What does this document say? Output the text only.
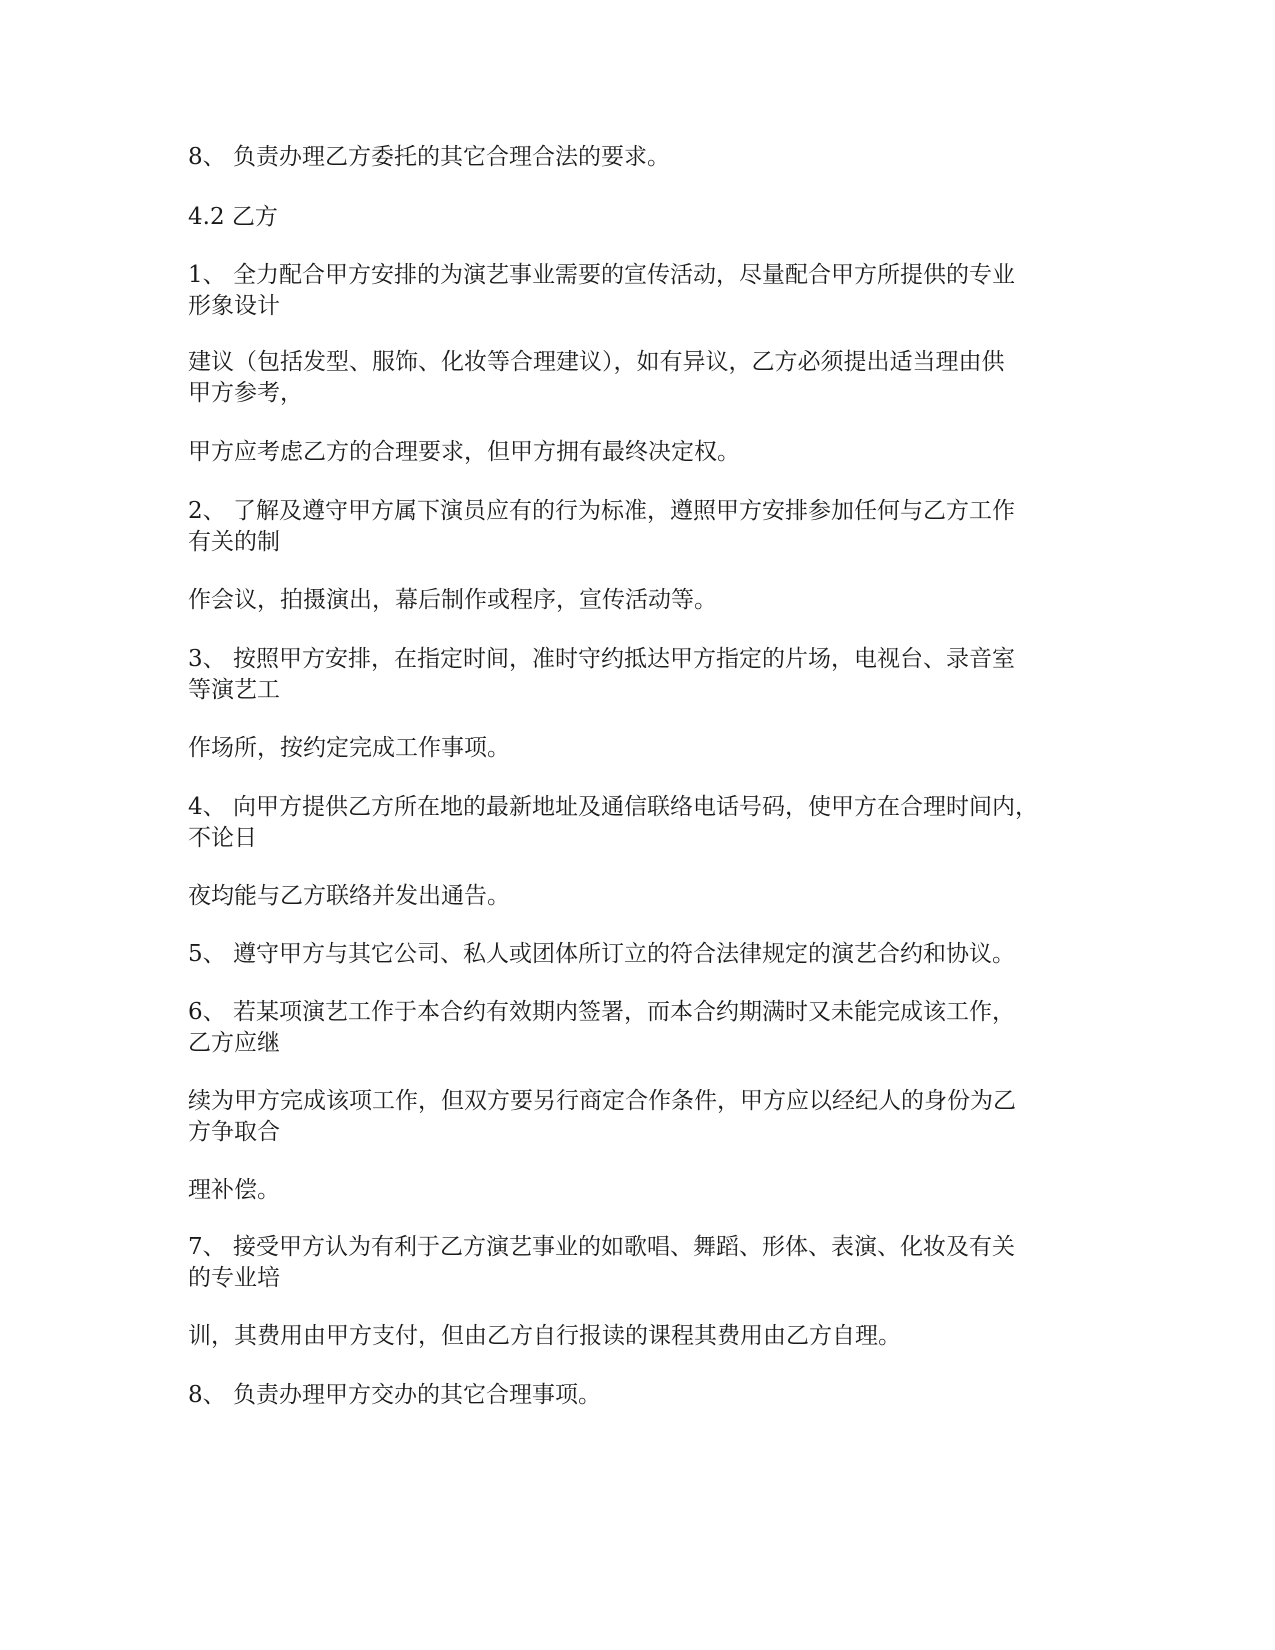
8、 负责办理乙方委托的其它合理合法的要求。

4.2 乙方

1、 全力配合甲方安排的为演艺事业需要的宣传活动，尽量配合甲方所提供的专业
形象设计

建议（包括发型、服饰、化妆等合理建议），如有异议，乙方必须提出适当理由供
甲方参考，

甲方应考虑乙方的合理要求，但甲方拥有最终决定权。

2、 了解及遵守甲方属下演员应有的行为标准，遵照甲方安排参加任何与乙方工作
有关的制

作会议，拍摄演出，幕后制作或程序，宣传活动等。

3、 按照甲方安排，在指定时间，准时守约抵达甲方指定的片场，电视台、录音室
等演艺工

作场所，按约定完成工作事项。

4、 向甲方提供乙方所在地的最新地址及通信联络电话号码，使甲方在合理时间内，
不论日

夜均能与乙方联络并发出通告。

5、 遵守甲方与其它公司、私人或团体所订立的符合法律规定的演艺合约和协议。

6、 若某项演艺工作于本合约有效期内签署，而本合约期满时又未能完成该工作，
乙方应继

续为甲方完成该项工作，但双方要另行商定合作条件，甲方应以经纪人的身份为乙
方争取合

理补偿。

7、 接受甲方认为有利于乙方演艺事业的如歌唱、舞蹈、形体、表演、化妆及有关
的专业培

训，其费用由甲方支付，但由乙方自行报读的课程其费用由乙方自理。

8、 负责办理甲方交办的其它合理事项。
